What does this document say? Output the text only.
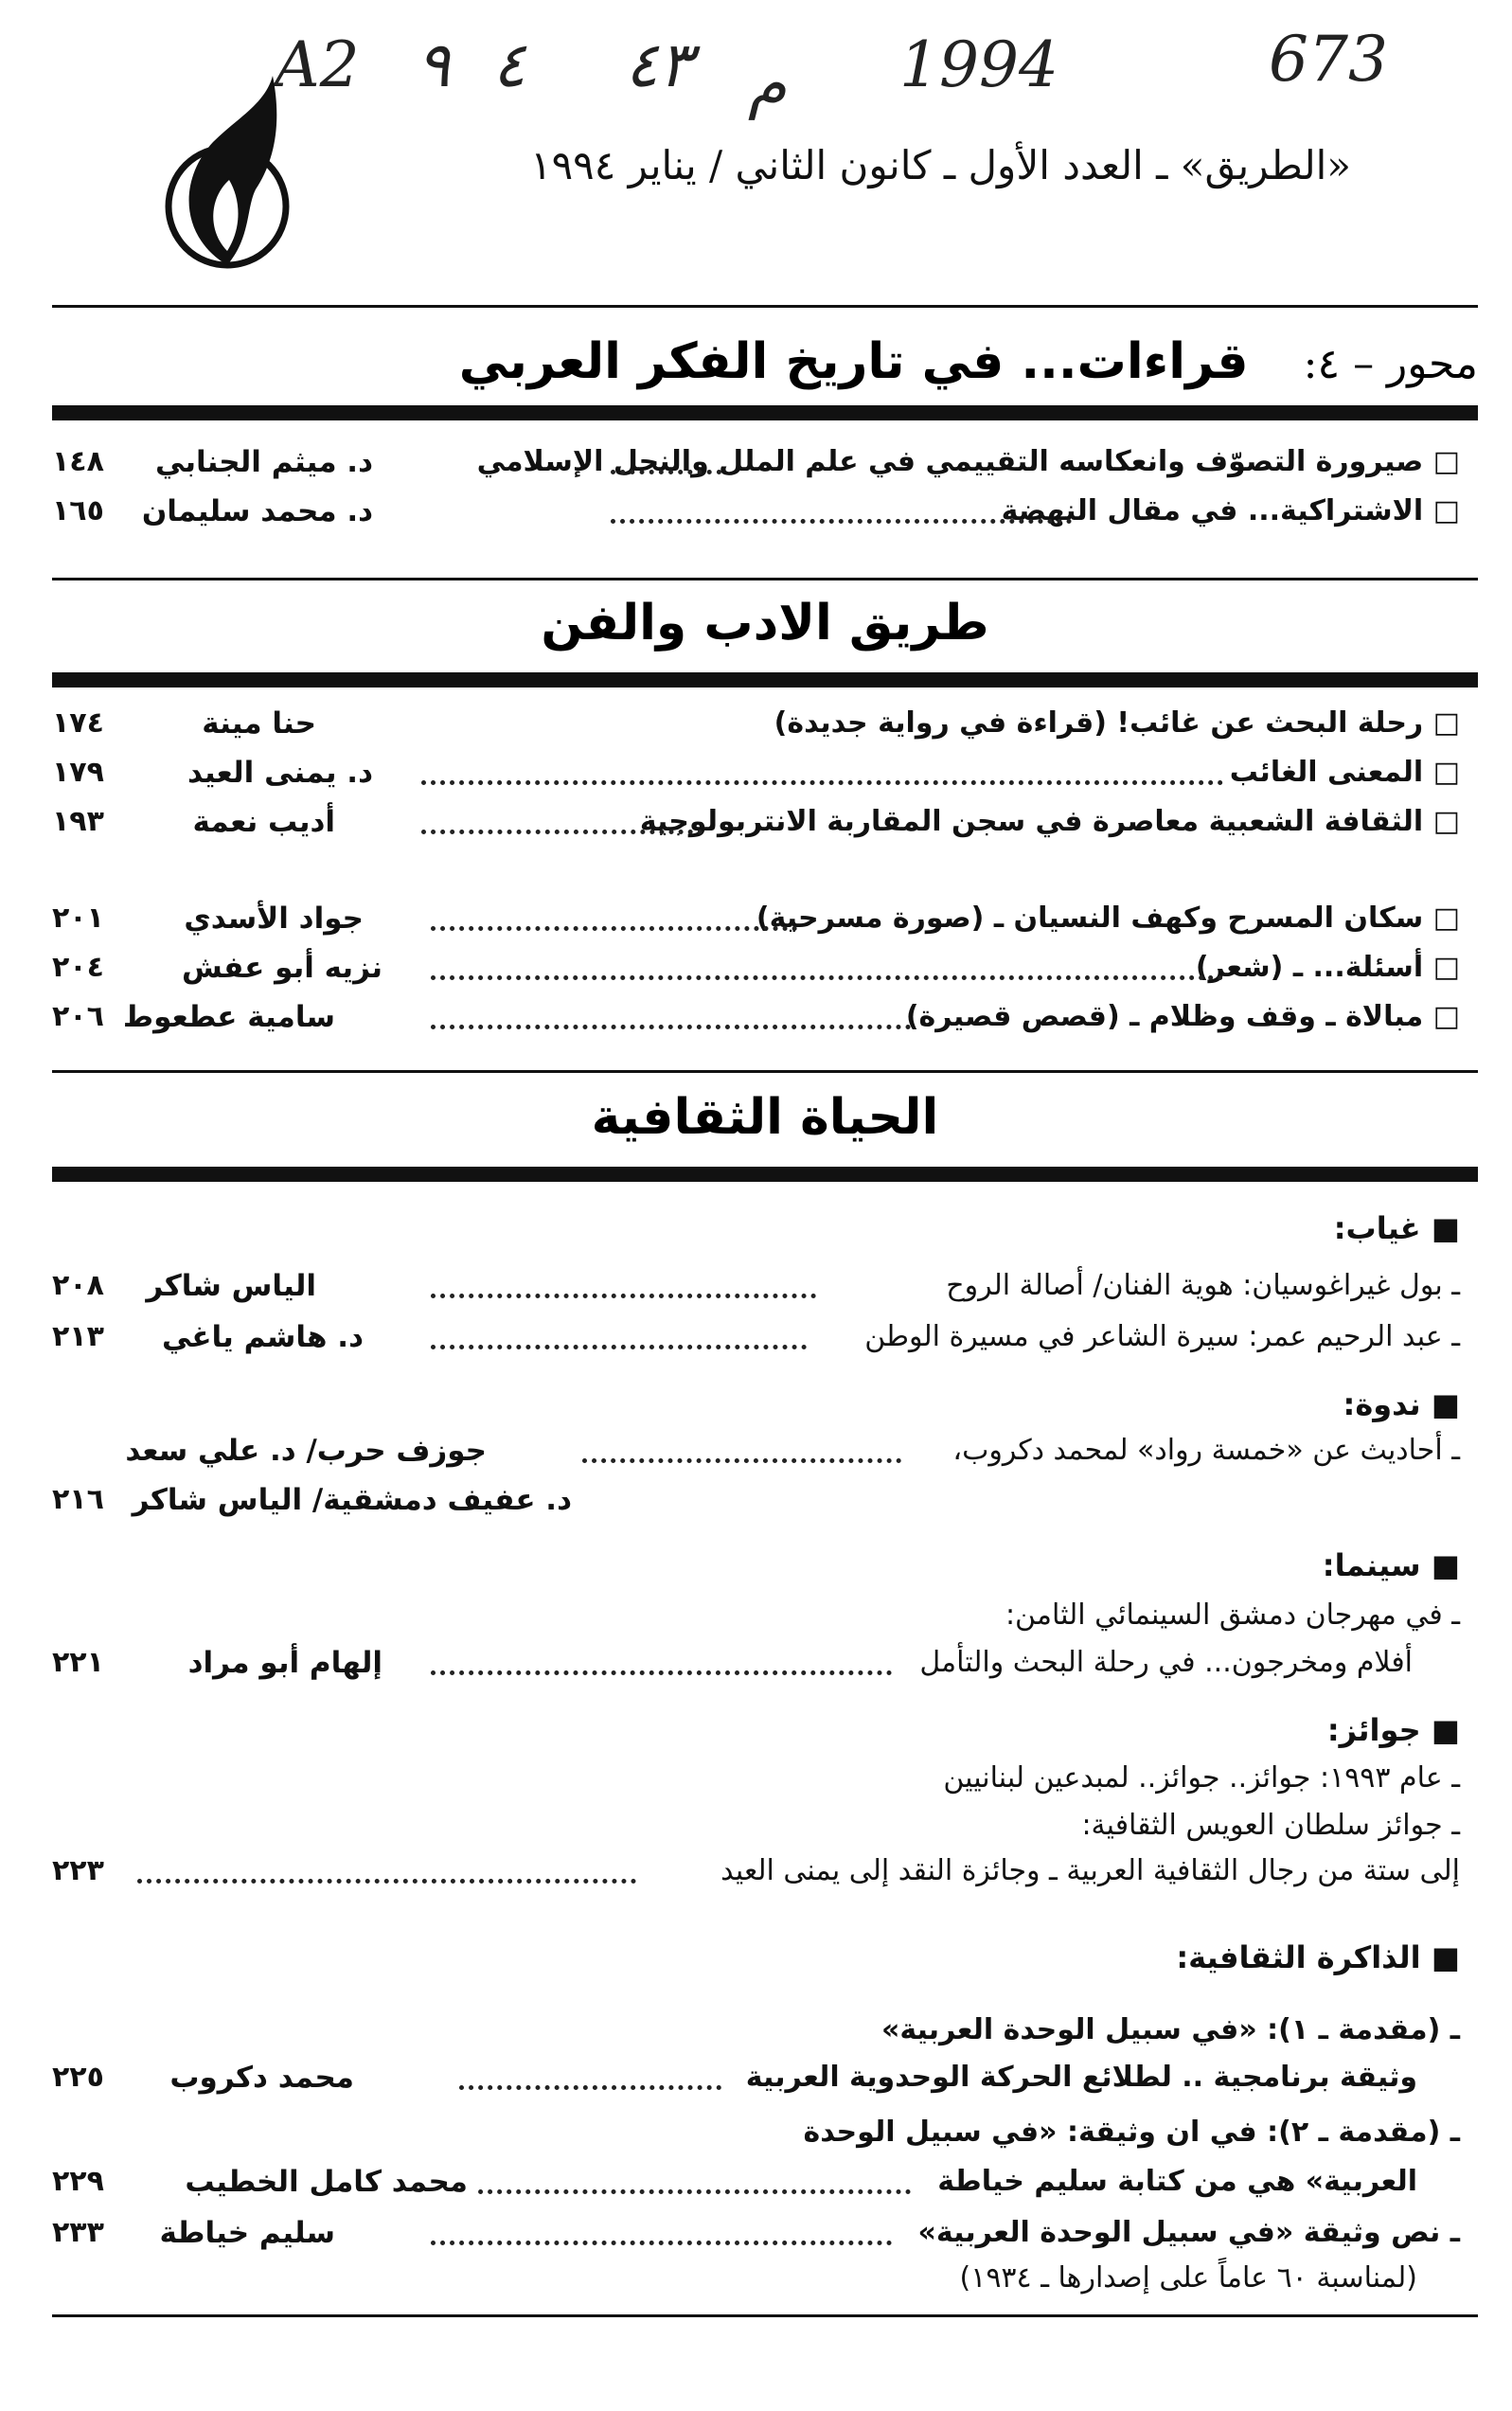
A2 ٩ ٤ ٤٣ م 1994	673
«الطريق» ـ العدد الأول ـ كانون الثاني / يناير ١٩٩٤
محور – ٤: قراءات... في تاريخ الفكر العربي
□ صيرورة التصوّف وانعكاسه التقييمي في علم الملل والنحل الإسلامي
د. ميثم الجنابي
١٤٨
□ الاشتراكية... في مقال النهضة
د. محمد سليمان
١٦٥
طريق الادب والفن
□ رحلة البحث عن غائب! (قراءة في رواية جديدة)
حنا مينة
١٧٤
□ المعنى الغائب
د. يمنى العيد
١٧٩
□ الثقافة الشعبية معاصرة في سجن المقاربة الانتربولوجية
أديب نعمة
١٩٣
□ سكان المسرح وكهف النسيان ـ (صورة مسرحية)
جواد الأسدي
٢٠١
□ أسئلة... ـ (شعر)
نزيه أبو عفش
٢٠٤
□ مبالاة ـ وقف وظلام ـ (قصص قصيرة)
سامية عطعوط
٢٠٦
الحياة الثقافية
■ غياب:
ـ بول غيراغوسيان: هوية الفنان/ أصالة الروح
الياس شاكر
٢٠٨
ـ عبد الرحيم عمر: سيرة الشاعر في مسيرة الوطن
د. هاشم ياغي
٢١٣
■ ندوة:
ـ أحاديث عن «خمسة رواد» لمحمد دكروب،
جوزف حرب/ د. علي سعد
د. عفيف دمشقية/ الياس شاكر
٢١٦
■ سينما:
ـ في مهرجان دمشق السينمائي الثامن:
أفلام ومخرجون... في رحلة البحث والتأمل
إلهام أبو مراد
٢٢١
■ جوائز:
ـ عام ١٩٩٣: جوائز.. جوائز.. لمبدعين لبنانيين
ـ جوائز سلطان العويس الثقافية:
إلى ستة من رجال الثقافية العربية ـ وجائزة النقد إلى يمنى العيد
٢٢٣
■ الذاكرة الثقافية:
ـ (مقدمة ـ ١): «في سبيل الوحدة العربية»
وثيقة برنامجية .. لطلائع الحركة الوحدوية العربية
محمد دكروب
٢٢٥
ـ (مقدمة ـ ٢): في ان وثيقة: «في سبيل الوحدة
العربية» هي من كتابة سليم خياطة
محمد كامل الخطيب
٢٢٩
ـ نص وثيقة «في سبيل الوحدة العربية»
سليم خياطة
٢٣٣
(لمناسبة ٦٠ عاماً على إصدارها ـ ١٩٣٤)
